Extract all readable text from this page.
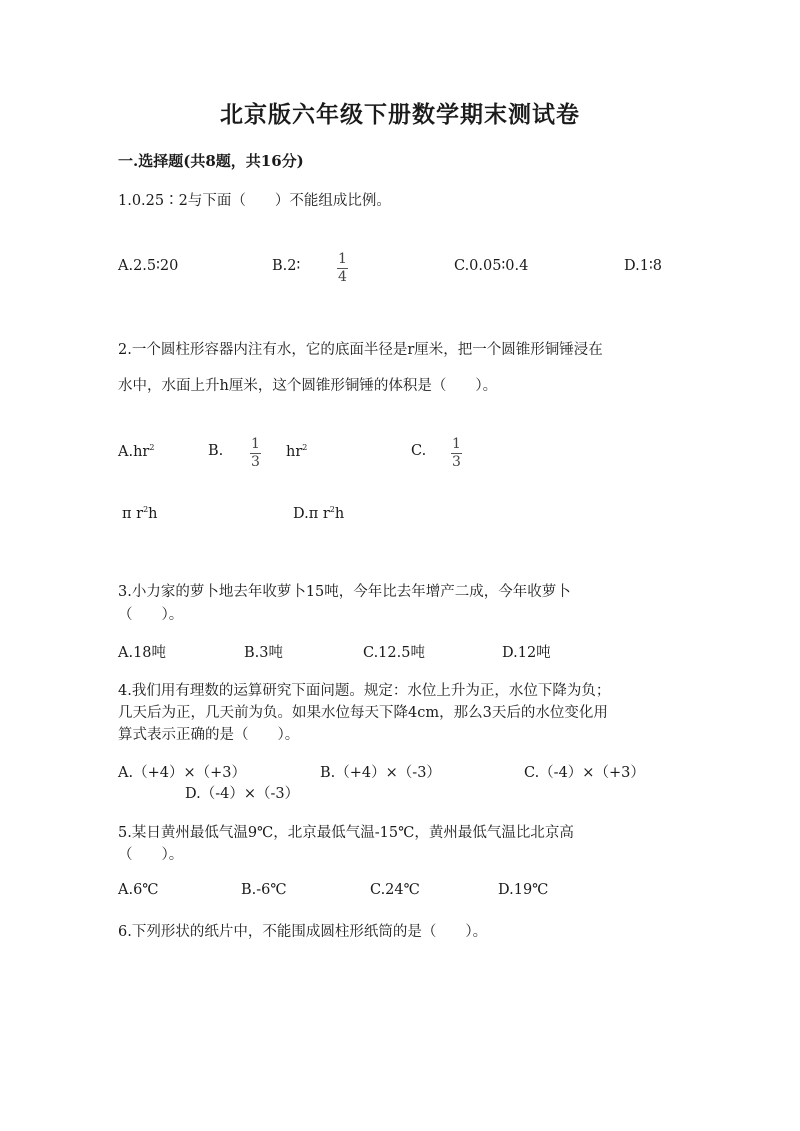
北京版六年级下册数学期末测试卷
一.选择题(共8题，共16分)
1.0.25∶2与下面（　　）不能组成比例。
A.2.5∶20	B.2∶	1
4
C.0.05∶0.4	D.1∶8
2.一个圆柱形容器内注有水，它的底面半径是r厘米，把一个圆锥形铜锤浸在
水中，水面上升h厘米，这个圆锥形铜锤的体积是（　　）。
$A.hr^2$	B. 1
3
$hr^2$	C. 1
3
π $r^2h$	D.π $r^2h$
3.小力家的萝卜地去年收萝卜15吨，今年比去年增产二成，今年收萝卜
（　　）。
A.18吨	B.3吨	C.12.5吨	D.12吨
4.我们用有理数的运算研究下面问题。规定：水位上升为正，水位下降为负；
几天后为正，几天前为负。如果水位每天下降4cm，那么3天后的水位变化用
算式表示正确的是（　　）。
A.（+4）×（+3）	B.（+4）×（-3）	C.（-4）×（+3）
D.（-4）×（-3）
5.某日黄州最低气温9℃，北京最低气温-15℃，黄州最低气温比北京高
（　　）。
A.6℃	B.-6℃	C.24℃	D.19℃
6.下列形状的纸片中，不能围成圆柱形纸筒的是（　　）。
